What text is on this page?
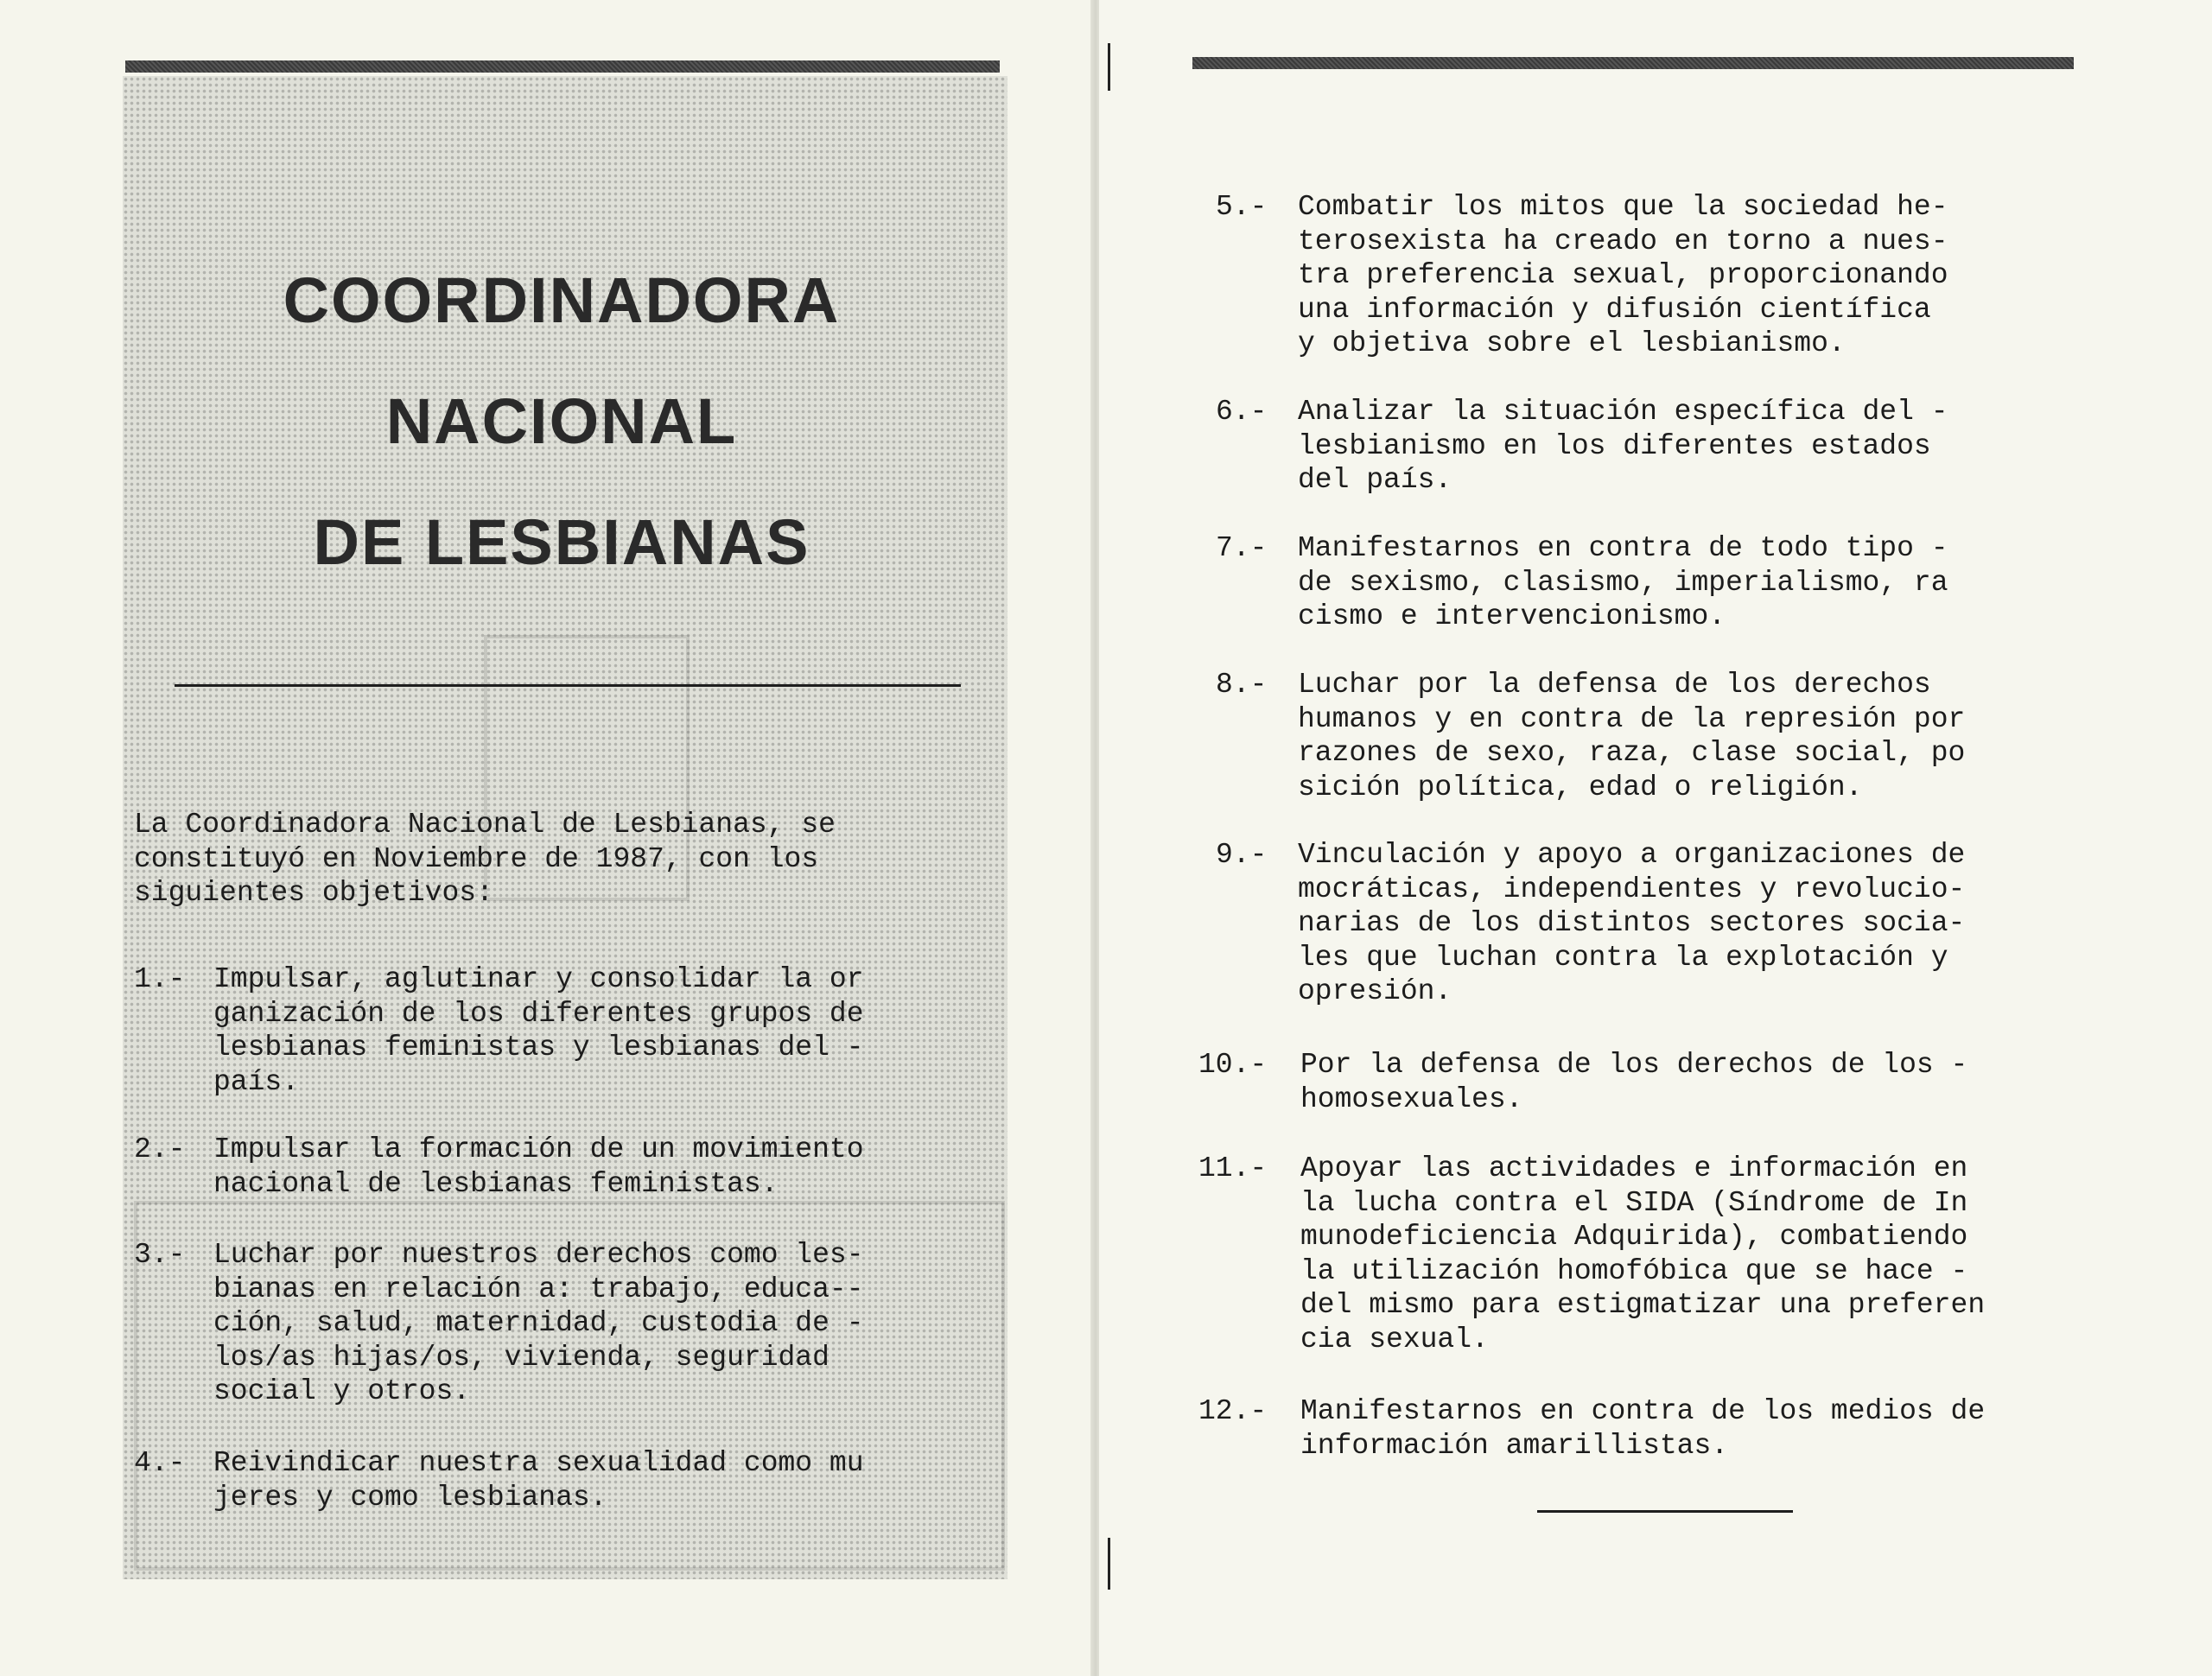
COORDINADORA
NACIONAL
DE LESBIANAS

La Coordinadora Nacional de Lesbianas, se
constituyó en Noviembre de 1987, con los
siguientes objetivos:

1.- Impulsar, aglutinar y consolidar la or
ganización de los diferentes grupos de
lesbianas feministas y lesbianas del -
país.
2.- Impulsar la formación de un movimiento
nacional de lesbianas feministas.
3.- Luchar por nuestros derechos como les-
bianas en relación a: trabajo, educa--
ción, salud, maternidad, custodia de -
los/as hijas/os, vivienda, seguridad
social y otros.
4.- Reivindicar nuestra sexualidad como mu
jeres y como lesbianas.
5.- Combatir los mitos que la sociedad he-
terosexista ha creado en torno a nues-
tra preferencia sexual, proporcionando
una información y difusión científica
y objetiva sobre el lesbianismo.
6.- Analizar la situación específica del -
lesbianismo en los diferentes estados
del país.
7.- Manifestarnos en contra de todo tipo -
de sexismo, clasismo, imperialismo, ra
cismo e intervencionismo.
8.- Luchar por la defensa de los derechos
humanos y en contra de la represión por
razones de sexo, raza, clase social, po
sición política, edad o religión.
9.- Vinculación y apoyo a organizaciones de
mocráticas, independientes y revolucio-
narias de los distintos sectores socia-
les que luchan contra la explotación y
opresión.
10.- Por la defensa de los derechos de los -
homosexuales.
11.- Apoyar las actividades e información en
la lucha contra el SIDA (Síndrome de In
munodeficiencia Adquirida), combatiendo
la utilización homofóbica que se hace -
del mismo para estigmatizar una preferen
cia sexual.
12.- Manifestarnos en contra de los medios de
información amarillistas.
